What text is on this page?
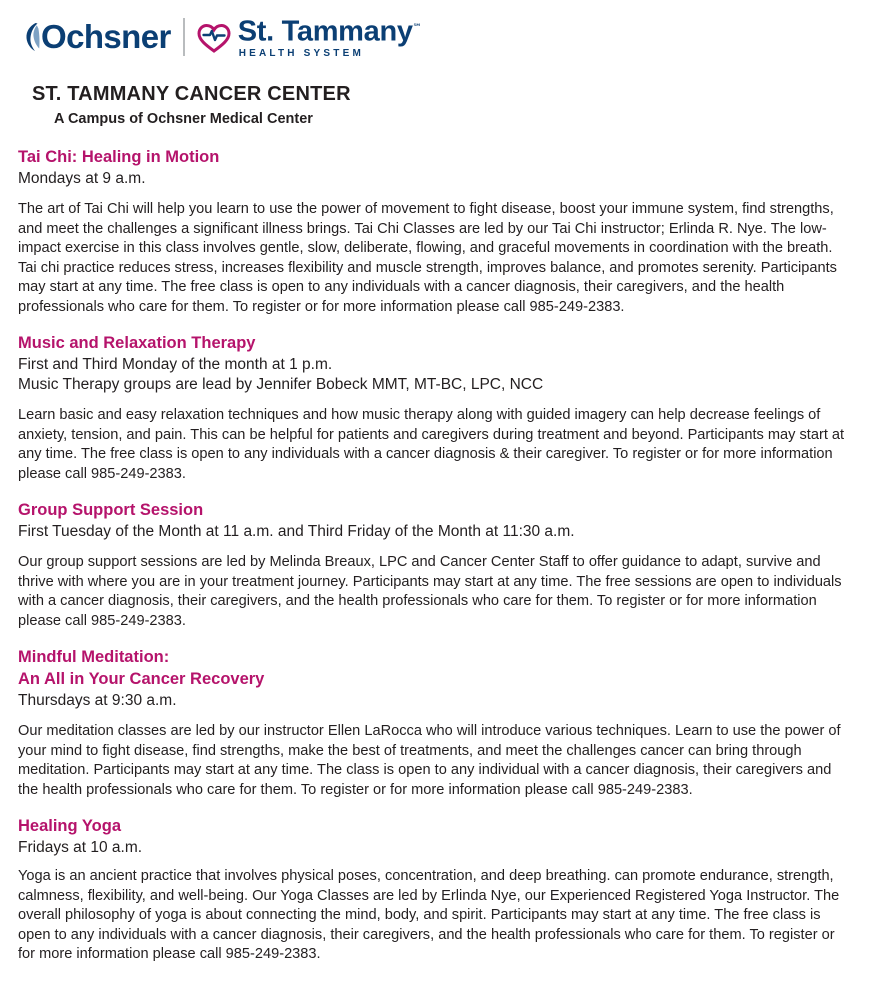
Ochsner St. Tammany℠
HEALTH SYSTEM
ST. TAMMANY CANCER CENTER
A Campus of Ochsner Medical Center
Tai Chi: Healing in Motion
Mondays at 9 a.m.
The art of Tai Chi will help you learn to use the power of movement to fight disease, boost your immune system, find strengths, and meet the challenges a significant illness brings. Tai Chi Classes are led by our Tai Chi instructor; Erlinda R. Nye. The low-impact exercise in this class involves gentle, slow, deliberate, flowing, and graceful movements in coordination with the breath. Tai chi practice reduces stress, increases flexibility and muscle strength, improves balance, and promotes serenity. Participants may start at any time. The free class is open to any individuals with a cancer diagnosis, their caregivers, and the health professionals who care for them. To register or for more information please call 985-249-2383.
Music and Relaxation Therapy
First and Third Monday of the month at 1 p.m.
Music Therapy groups are lead by Jennifer Bobeck MMT, MT-BC, LPC, NCC
Learn basic and easy relaxation techniques and how music therapy along with guided imagery can help decrease feelings of anxiety, tension, and pain. This can be helpful for patients and caregivers during treatment and beyond. Participants may start at any time. The free class is open to any individuals with a cancer diagnosis & their caregiver. To register or for more information please call 985-249-2383.
Group Support Session
First Tuesday of the Month at 11 a.m. and Third Friday of the Month at 11:30 a.m.
Our group support sessions are led by Melinda Breaux, LPC and Cancer Center Staff to offer guidance to adapt, survive and thrive with where you are in your treatment journey. Participants may start at any time. The free sessions are open to individuals with a cancer diagnosis, their caregivers, and the health professionals who care for them. To register or for more information please call 985-249-2383.
Mindful Meditation:
An All in Your Cancer Recovery
Thursdays at 9:30 a.m.
Our meditation classes are led by our instructor Ellen LaRocca who will introduce various techniques. Learn to use the power of your mind to fight disease, find strengths, make the best of treatments, and meet the challenges cancer can bring through meditation. Participants may start at any time. The class is open to any individual with a cancer diagnosis, their caregivers and the health professionals who care for them. To register or for more information please call 985-249-2383.
Healing Yoga
Fridays at 10 a.m.
Yoga is an ancient practice that involves physical poses, concentration, and deep breathing. can promote endurance, strength, calmness, flexibility, and well-being. Our Yoga Classes are led by Erlinda Nye, our Experienced Registered Yoga Instructor. The overall philosophy of yoga is about connecting the mind, body, and spirit. Participants may start at any time. The free class is open to any individuals with a cancer diagnosis, their caregivers, and the health professionals who care for them. To register or for more information please call 985-249-2383.
